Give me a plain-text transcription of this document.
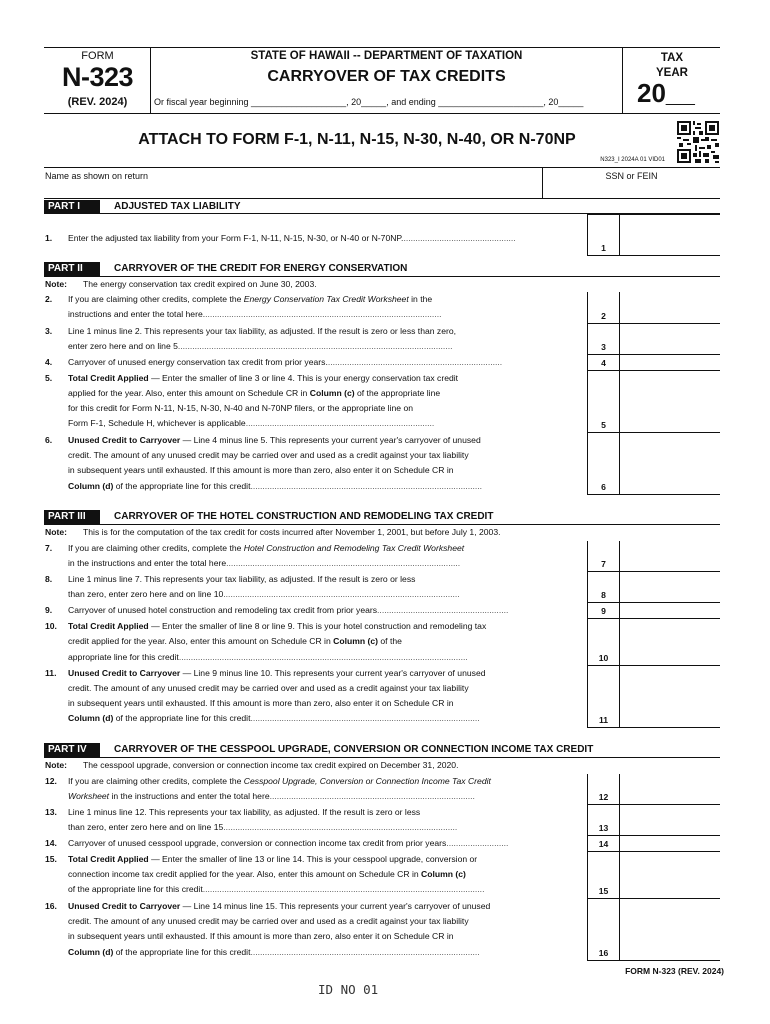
FORM
N-323
(REV. 2024)
STATE OF HAWAII -- DEPARTMENT OF TAXATION
CARRYOVER OF TAX CREDITS
Or fiscal year beginning ___________________, 20_____, and ending _____________________, 20_____
TAX
YEAR
20__
ATTACH TO FORM F-1, N-11, N-15, N-30, N-40, OR N-70NP
N323_I 2024A 01 VID01
Name as shown on return	SSN or FEIN
PART I	ADJUSTED TAX LIABILITY
1. Enter the adjusted tax liability from your Form F-1, N-11, N-15, N-30, or N-40 or N-70NP................................................
1
PART II	CARRYOVER OF THE CREDIT FOR ENERGY CONSERVATION
Note: The energy conservation tax credit expired on June 30, 2003.
2. If you are claiming other credits, complete the Energy Conservation Tax Credit Worksheet in the
instructions and enter the total here....................................................................................................	2
3. Line 1 minus line 2. This represents your tax liability, as adjusted. If the result is zero or less than zero,
enter zero here and on line 5...................................................................................................................	3
4. Carryover of unused energy conservation tax credit from prior years..........................................................................	4
5. Total Credit Applied — Enter the smaller of line 3 or line 4. This is your energy conservation tax credit
applied for the year. Also, enter this amount on Schedule CR in Column (c) of the appropriate line
for this credit for Form N-11, N-15, N-30, N-40 and N-70NP filers, or the appropriate line on
Form F-1, Schedule H, whichever is applicable...............................................................................	5
6. Unused Credit to Carryover — Line 4 minus line 5. This represents your current year's carryover of unused
credit. The amount of any unused credit may be carried over and used as a credit against your tax liability
in subsequent years until exhausted. If this amount is more than zero, also enter it on Schedule CR in
Column (d) of the appropriate line for this credit.................................................................................................	6
PART III	CARRYOVER OF THE HOTEL CONSTRUCTION AND REMODELING TAX CREDIT
Note: This is for the computation of the tax credit for costs incurred after November 1, 2001, but before July 1, 2003.
7. If you are claiming other credits, complete the Hotel Construction and Remodeling Tax Credit Worksheet
in the instructions and enter the total here..................................................................................................	7
8. Line 1 minus line 7. This represents your tax liability, as adjusted. If the result is zero or less
than zero, enter zero here and on line 10...................................................................................................	8
9. Carryover of unused hotel construction and remodeling tax credit from prior years.......................................................	9
10. Total Credit Applied — Enter the smaller of line 8 or line 9. This is your hotel construction and remodeling tax
credit applied for the year. Also, enter this amount on Schedule CR in Column (c) of the
appropriate line for this credit.........................................................................................................................	10
11. Unused Credit to Carryover — Line 9 minus line 10. This represents your current year's carryover of unused
credit. The amount of any unused credit may be carried over and used as a credit against your tax liability
in subsequent years until exhausted. If this amount is more than zero, also enter it on Schedule CR in
Column (d) of the appropriate line for this credit................................................................................................	11
PART IV	CARRYOVER OF THE CESSPOOL UPGRADE, CONVERSION OR CONNECTION INCOME TAX CREDIT
Note: The cesspool upgrade, conversion or connection income tax credit expired on December 31, 2020.
12. If you are claiming other credits, complete the Cesspool Upgrade, Conversion or Connection Income Tax Credit
Worksheet in the instructions and enter the total here......................................................................................	12
13. Line 1 minus line 12. This represents your tax liability, as adjusted. If the result is zero or less
than zero, enter zero here and on line 15..................................................................................................	13
14. Carryover of unused cesspool upgrade, conversion or connection income tax credit from prior years..........................	14
15. Total Credit Applied — Enter the smaller of line 13 or line 14. This is your cesspool upgrade, conversion or
connection income tax credit applied for the year. Also, enter this amount on Schedule CR in Column (c)
of the appropriate line for this credit......................................................................................................................	15
16. Unused Credit to Carryover — Line 14 minus line 15. This represents your current year's carryover of unused
credit. The amount of any unused credit may be carried over and used as a credit against your tax liability
in subsequent years until exhausted. If this amount is more than zero, also enter it on Schedule CR in
Column (d) of the appropriate line for this credit................................................................................................	16
FORM N-323 (REV. 2024)
ID NO 01
